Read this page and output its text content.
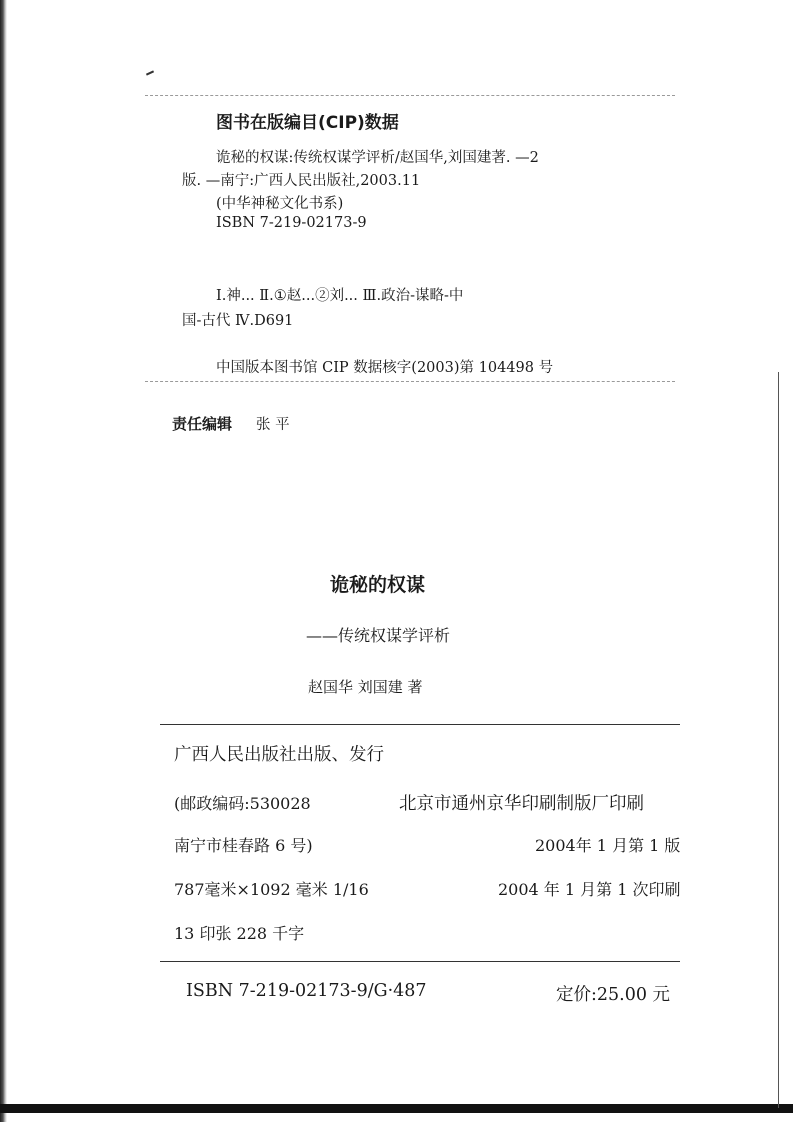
图书在版编目(CIP)数据
诡秘的权谋:传统权谋学评析/赵国华,刘国建著. —2
版. —南宁:广西人民出版社,2003.11
(中华神秘文化书系)
ISBN 7-219-02173-9
Ⅰ.神... Ⅱ.①赵...②刘... Ⅲ.政治-谋略-中
国-古代 Ⅳ.D691
中国版本图书馆 CIP 数据核字(2003)第 104498 号
责任编辑 张 平
诡秘的权谋
——传统权谋学评析
赵国华 刘国建 著
广西人民出版社出版、发行
(邮政编码:530028	北京市通州京华印刷制版厂印刷
南宁市桂春路 6 号)	2004年 1 月第 1 版
787毫米×1092 毫米 1/16	2004 年 1 月第 1 次印刷
13 印张 228 千字
ISBN 7-219-02173-9/G·487	定价:25.00 元
